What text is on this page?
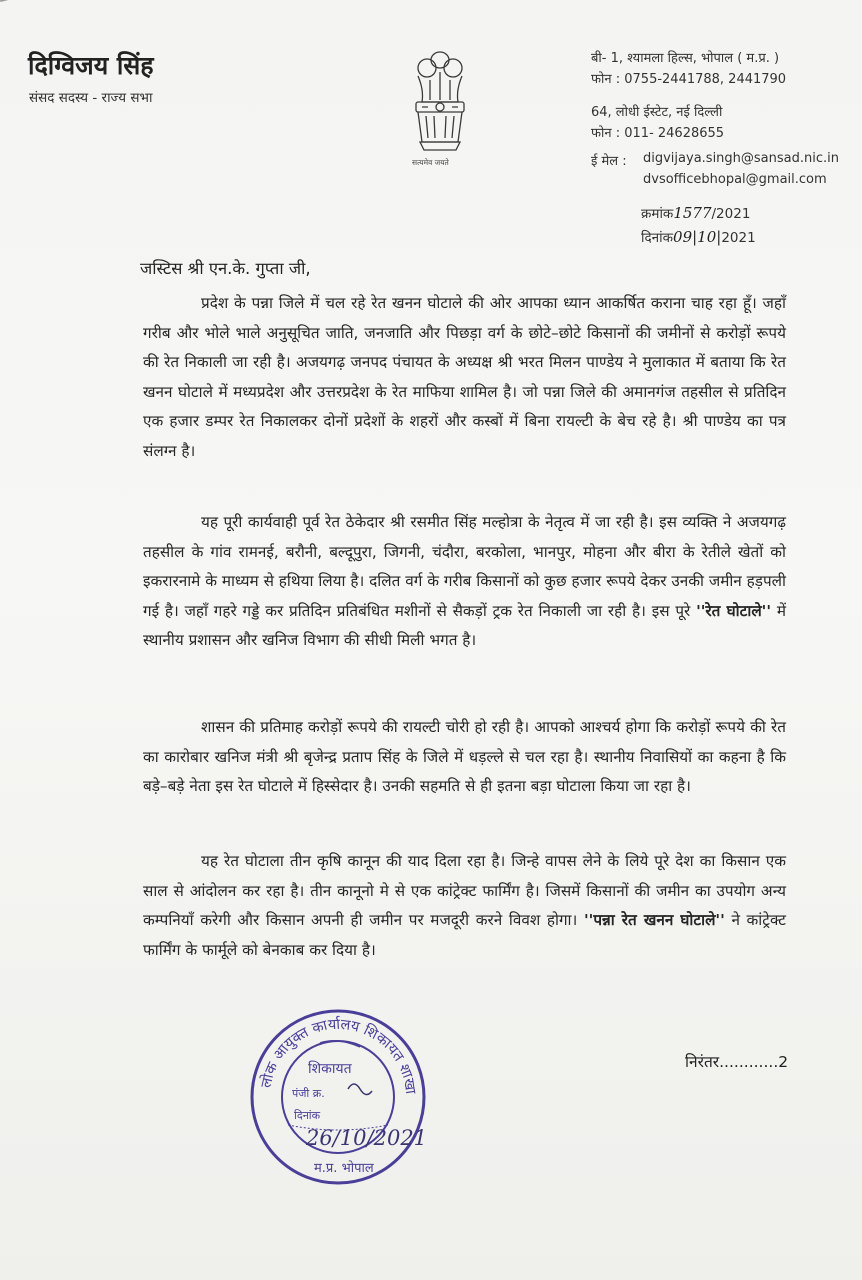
दिग्विजय सिंह
संसद सदस्य - राज्य सभा
सत्यमेव जयते
बी- 1, श्यामला हिल्स, भोपाल ( म.प्र. )
फोन : 0755-2441788, 2441790
64, लोधी ईस्टेट, नई दिल्ली
फोन : 011- 24628655
ई मेल : digvijaya.singh@sansad.nic.in
dvsofficebhopal@gmail.com
क्रमांक1577/2021
दिनांक09|10|2021
जस्टिस श्री एन.के. गुप्ता जी,
प्रदेश के पन्ना जिले में चल रहे रेत खनन घोटाले की ओर आपका ध्यान आकर्षित कराना चाह रहा हूँ। जहाँ गरीब और भोले भाले अनुसूचित जाति, जनजाति और पिछड़ा वर्ग के छोटे–छोटे किसानों की जमीनों से करोड़ों रूपये की रेत निकाली जा रही है। अजयगढ़ जनपद पंचायत के अध्यक्ष श्री भरत मिलन पाण्डेय ने मुलाकात में बताया कि रेत खनन घोटाले में मध्यप्रदेश और उत्तरप्रदेश के रेत माफिया शामिल है। जो पन्ना जिले की अमानगंज तहसील से प्रतिदिन एक हजार डम्पर रेत निकालकर दोनों प्रदेशों के शहरों और कस्बों में बिना रायल्टी के बेच रहे है। श्री पाण्डेय का पत्र संलग्न है।
यह पूरी कार्यवाही पूर्व रेत ठेकेदार श्री रसमीत सिंह मल्होत्रा के नेतृत्व में जा रही है। इस व्यक्ति ने अजयगढ़ तहसील के गांव रामनई, बरौनी, बल्दूपुरा, जिगनी, चंदौरा, बरकोला, भानपुर, मोहना और बीरा के रेतीले खेतों को इकरारनामे के माध्यम से हथिया लिया है। दलित वर्ग के गरीब किसानों को कुछ हजार रूपये देकर उनकी जमीन हड़पली गई है। जहाँ गहरे गड्डे कर प्रतिदिन प्रतिबंधित मशीनों से सैकड़ों ट्रक रेत निकाली जा रही है। इस पूरे ''रेत घोटाले'' में स्थानीय प्रशासन और खनिज विभाग की सीधी मिली भगत है।
शासन की प्रतिमाह करोड़ों रूपये की रायल्टी चोरी हो रही है। आपको आश्चर्य होगा कि करोड़ों रूपये की रेत का कारोबार खनिज मंत्री श्री बृजेन्द्र प्रताप सिंह के जिले में धड़ल्ले से चल रहा है। स्थानीय निवासियों का कहना है कि बड़े–बड़े नेता इस रेत घोटाले में हिस्सेदार है। उनकी सहमति से ही इतना बड़ा घोटाला किया जा रहा है।
यह रेत घोटाला तीन कृषि कानून की याद दिला रहा है। जिन्हे वापस लेने के लिये पूरे देश का किसान एक साल से आंदोलन कर रहा है। तीन कानूनो मे से एक कांट्रेक्ट फार्मिंग है। जिसमें किसानों की जमीन का उपयोग अन्य कम्पनियॉं करेगी और किसान अपनी ही जमीन पर मजदूरी करने विवश होगा। ''पन्ना रेत खनन घोटाले'' ने कांट्रेक्ट फार्मिंग के फार्मूले को बेनकाब कर दिया है।
लोक आयुक्त कार्यालय शिकायत शाखा
शिकायत
पंजी क्र.
दिनांक
26/10/2021
म.प्र. भोपाल
निरंतर............2
